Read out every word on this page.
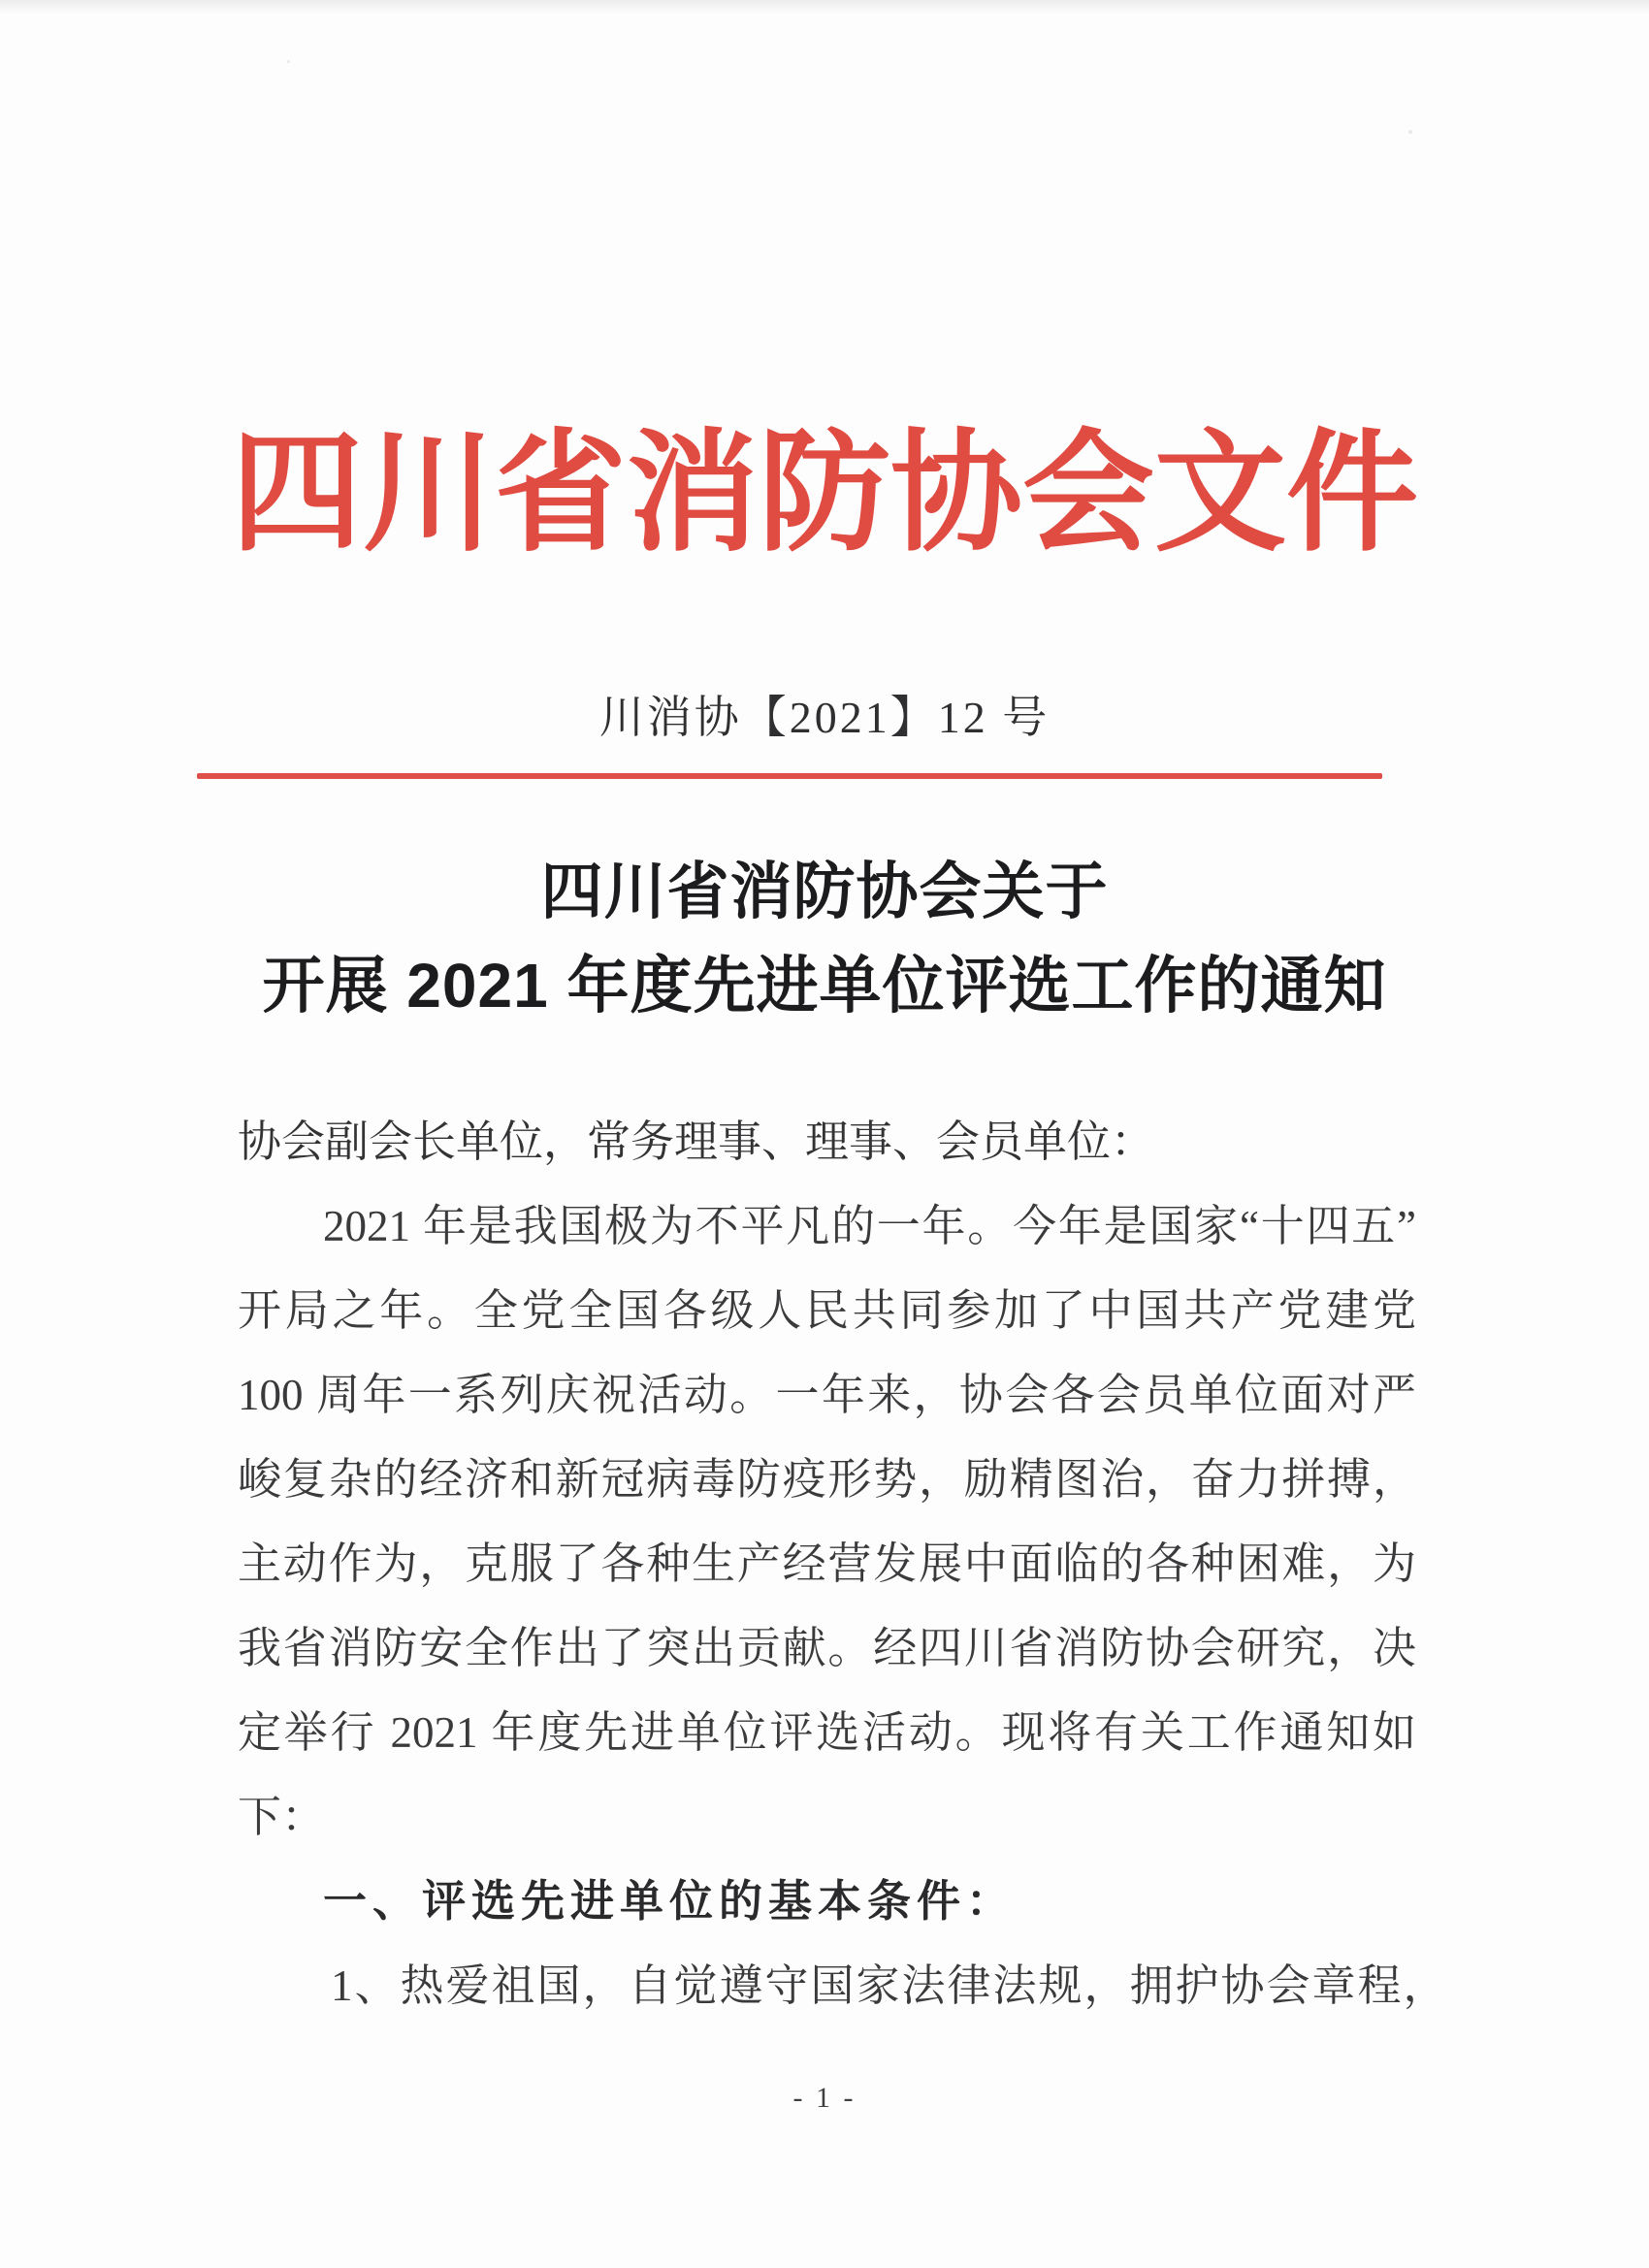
四川省消防协会文件
川消协【2021】12 号
四川省消防协会关于
开展 2021 年度先进单位评选工作的通知
协会副会长单位，常务理事、理事、会员单位：
2021 年是我国极为不平凡的一年。今年是国家“十四五”
开局之年。全党全国各级人民共同参加了中国共产党建党
100 周年一系列庆祝活动。一年来，协会各会员单位面对严
峻复杂的经济和新冠病毒防疫形势，励精图治，奋力拼搏，
主动作为，克服了各种生产经营发展中面临的各种困难，为
我省消防安全作出了突出贡献。经四川省消防协会研究，决
定举行 2021 年度先进单位评选活动。现将有关工作通知如
下：
一、评选先进单位的基本条件：
1、热爱祖国，自觉遵守国家法律法规，拥护协会章程，
- 1 -
